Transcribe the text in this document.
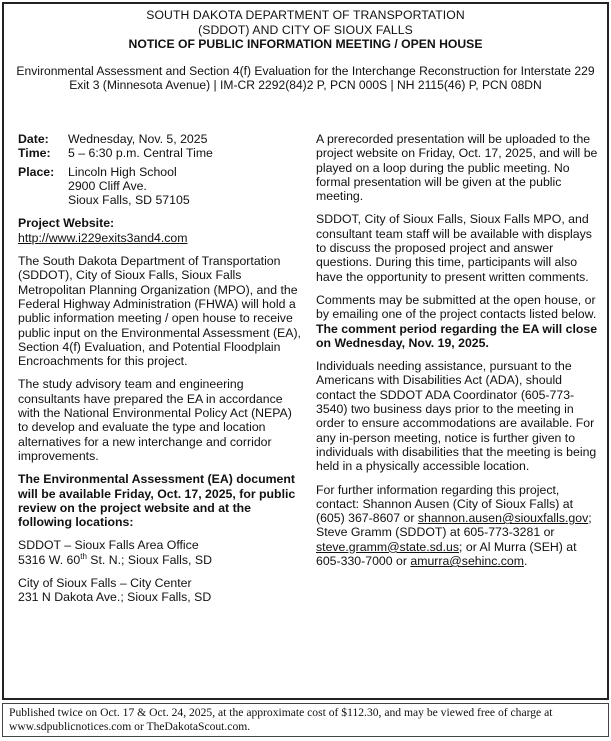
SOUTH DAKOTA DEPARTMENT OF TRANSPORTATION
(SDDOT) AND CITY OF SIOUX FALLS
NOTICE OF PUBLIC INFORMATION MEETING / OPEN HOUSE
Environmental Assessment and Section 4(f) Evaluation for the Interchange Reconstruction for Interstate 229 Exit 3 (Minnesota Avenue) | IM-CR 2292(84)2 P, PCN 000S | NH 2115(46) P, PCN 08DN
Date:	Wednesday, Nov. 5, 2025
Time:	5 – 6:30 p.m. Central Time
Place:	Lincoln High School
2900 Cliff Ave.
Sioux Falls, SD 57105
Project Website:
http://www.i229exits3and4.com

The South Dakota Department of Transportation (SDDOT), City of Sioux Falls, Sioux Falls Metropolitan Planning Organization (MPO), and the Federal Highway Administration (FHWA) will hold a public information meeting / open house to receive public input on the Environmental Assessment (EA), Section 4(f) Evaluation, and Potential Floodplain Encroachments for this project.

The study advisory team and engineering consultants have prepared the EA in accordance with the National Environmental Policy Act (NEPA) to develop and evaluate the type and location alternatives for a new interchange and corridor improvements.

The Environmental Assessment (EA) document will be available Friday, Oct. 17, 2025, for public review on the project website and at the following locations:

SDDOT – Sioux Falls Area Office
5316 W. 60th St. N.; Sioux Falls, SD
City of Sioux Falls – City Center
231 N Dakota Ave.; Sioux Falls, SD

A prerecorded presentation will be uploaded to the project website on Friday, Oct. 17, 2025, and will be played on a loop during the public meeting. No formal presentation will be given at the public meeting.

SDDOT, City of Sioux Falls, Sioux Falls MPO, and consultant team staff will be available with displays to discuss the proposed project and answer questions. During this time, participants will also have the opportunity to present written comments.

Comments may be submitted at the open house, or by emailing one of the project contacts listed below. The comment period regarding the EA will close on Wednesday, Nov. 19, 2025.

Individuals needing assistance, pursuant to the Americans with Disabilities Act (ADA), should contact the SDDOT ADA Coordinator (605-773-3540) two business days prior to the meeting in order to ensure accommodations are available. For any in-person meeting, notice is further given to individuals with disabilities that the meeting is being held in a physically accessible location.

For further information regarding this project, contact: Shannon Ausen (City of Sioux Falls) at (605) 367-8607 or shannon.ausen@siouxfalls.gov; Steve Gramm (SDDOT) at 605-773-3281 or steve.gramm@state.sd.us; or Al Murra (SEH) at 605-330-7000 or amurra@sehinc.com.

Published twice on Oct. 17 & Oct. 24, 2025, at the approximate cost of $112.30, and may be viewed free of charge at www.sdpublicnotices.com or TheDakotaScout.com.
